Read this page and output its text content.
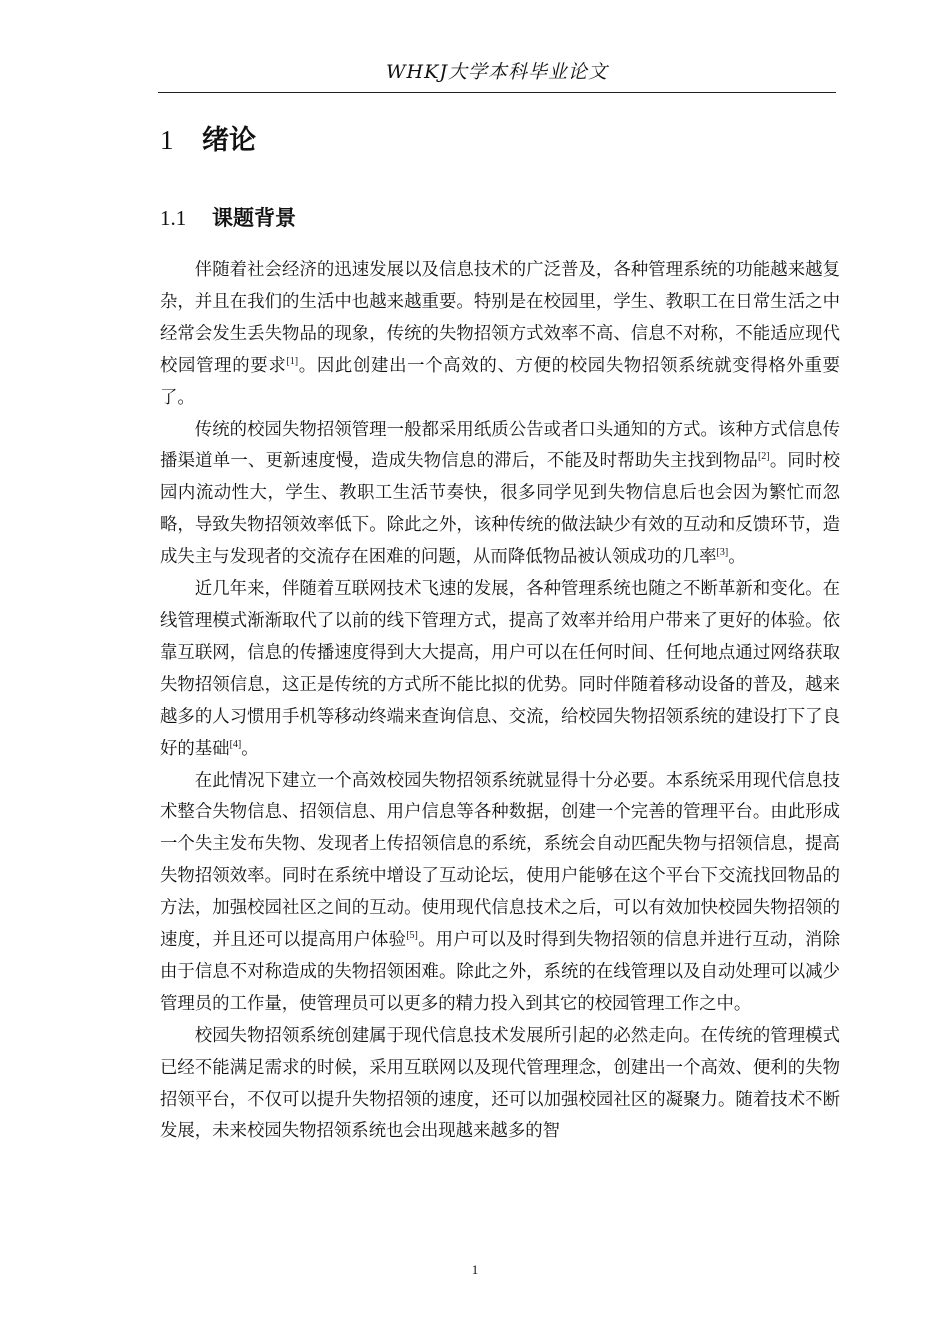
WHKJ大学本科毕业论文
1 绪论
1.1 课题背景

伴随着社会经济的迅速发展以及信息技术的广泛普及，各种管理系统的功能越来越复杂，并且在我们的生活中也越来越重要。特别是在校园里，学生、教职工在日常生活之中经常会发生丢失物品的现象，传统的失物招领方式效率不高、信息不对称，不能适应现代校园管理的要求[1]。因此创建出一个高效的、方便的校园失物招领系统就变得格外重要了。

传统的校园失物招领管理一般都采用纸质公告或者口头通知的方式。该种方式信息传播渠道单一、更新速度慢，造成失物信息的滞后，不能及时帮助失主找到物品[2]。同时校园内流动性大，学生、教职工生活节奏快，很多同学见到失物信息后也会因为繁忙而忽略，导致失物招领效率低下。除此之外，该种传统的做法缺少有效的互动和反馈环节，造成失主与发现者的交流存在困难的问题，从而降低物品被认领成功的几率[3]。

近几年来，伴随着互联网技术飞速的发展，各种管理系统也随之不断革新和变化。在线管理模式渐渐取代了以前的线下管理方式，提高了效率并给用户带来了更好的体验。依靠互联网，信息的传播速度得到大大提高，用户可以在任何时间、任何地点通过网络获取失物招领信息，这正是传统的方式所不能比拟的优势。同时伴随着移动设备的普及，越来越多的人习惯用手机等移动终端来查询信息、交流，给校园失物招领系统的建设打下了良好的基础[4]。

在此情况下建立一个高效校园失物招领系统就显得十分必要。本系统采用现代信息技术整合失物信息、招领信息、用户信息等各种数据，创建一个完善的管理平台。由此形成一个失主发布失物、发现者上传招领信息的系统，系统会自动匹配失物与招领信息，提高失物招领效率。同时在系统中增设了互动论坛，使用户能够在这个平台下交流找回物品的方法，加强校园社区之间的互动。使用现代信息技术之后，可以有效加快校园失物招领的速度，并且还可以提高用户体验[5]。用户可以及时得到失物招领的信息并进行互动，消除由于信息不对称造成的失物招领困难。除此之外，系统的在线管理以及自动处理可以减少管理员的工作量，使管理员可以更多的精力投入到其它的校园管理工作之中。

校园失物招领系统创建属于现代信息技术发展所引起的必然走向。在传统的管理模式已经不能满足需求的时候，采用互联网以及现代管理理念，创建出一个高效、便利的失物招领平台，不仅可以提升失物招领的速度，还可以加强校园社区的凝聚力。随着技术不断发展，未来校园失物招领系统也会出现越来越多的智

1
